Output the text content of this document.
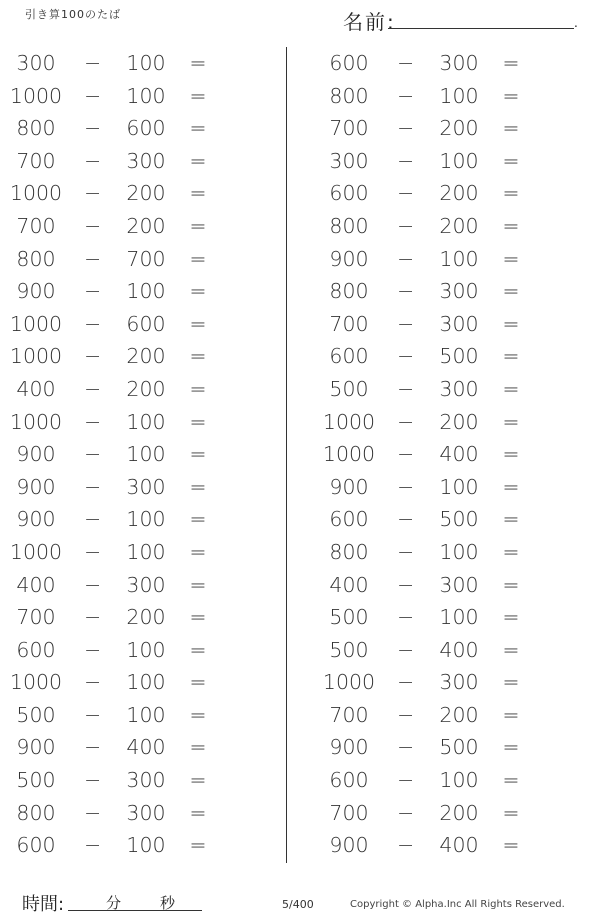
引き算100のたば	名前:	.
300	−	100	=
1000 −	100	=
800	−	600	=
700	−	300	=
1000 −	200	=
700	−	200	=
800	−	700	=
900	−	100	=
1000 −	600	=
1000 −	200	=
400	−	200	=
1000 −	100	=
900	−	100	=
900	−	300	=
900	−	100	=
1000 −	100	=
400	−	300	=
700	−	200	=
600	−	100	=
1000 −	100	=
500	−	100	=
900	−	400	=
500	−	300	=
800	−	300	=
600	−	100	=
600	−	300	=
800	−	100	=
700	−	200	=
300	−	100	=
600	−	200	=
800	−	200	=
900	−	100	=
800	−	300	=
700	−	300	=
600	−	500	=
500	−	300	=
1000 −	200	=
1000 −	400	=
900	−	100	=
600	−	500	=
800	−	100	=
400	−	300	=
500	−	100	=
500	−	400	=
1000 −	300	=
700	−	200	=
900	−	500	=
600	−	100	=
700	−	200	=
900	−	400	=
時間:	分	秒	5/400	Copyright © Alpha.Inc All Rights Reserved.
